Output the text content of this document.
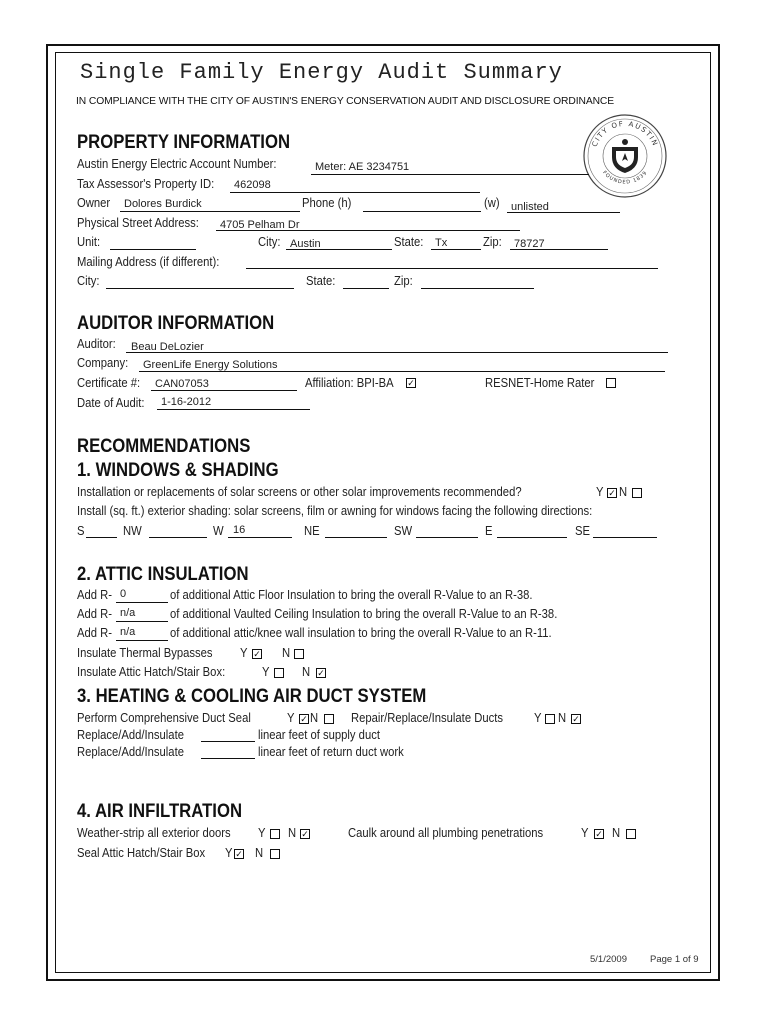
Single Family Energy Audit Summary
IN COMPLIANCE WITH THE CITY OF AUSTIN'S ENERGY CONSERVATION AUDIT AND DISCLOSURE ORDINANCE
CITY OF AUSTIN
FOUNDED 1839
PROPERTY INFORMATION
Austin Energy Electric Account Number:	Meter: AE 3234751
Tax Assessor's Property ID: 462098
Owner Dolores Burdick	Phone (h)	(w) unlisted
Physical Street Address: 4705 Pelham Dr
Unit:	City: Austin	State: Tx	Zip: 78727
Mailing Address (if different):
City:	State:	Zip:
AUDITOR INFORMATION
Auditor: Beau DeLozier
Company: GreenLife Energy Solutions
Certificate #: CAN07053	Affiliation: BPI-BA ✓	RESNET-Home Rater
Date of Audit: 1-16-2012
RECOMMENDATIONS
1. WINDOWS & SHADING
Installation or replacements of solar screens or other solar improvements recommended?	Y ✓ N
Install (sq. ft.) exterior shading: solar screens, film or awning for windows facing the following directions:
S	NW	W 16	NE	SW	E	SE
2. ATTIC INSULATION
Add R- 0	of additional Attic Floor Insulation to bring the overall R-Value to an R-38.
Add R- n/a	of additional Vaulted Ceiling Insulation to bring the overall R-Value to an R-38.
Add R- n/a	of additional attic/knee wall insulation to bring the overall R-Value to an R-11.
Insulate Thermal Bypasses Y ✓ N
Insulate Attic Hatch/Stair Box:	Y	N ✓
3. HEATING & COOLING AIR DUCT SYSTEM
Perform Comprehensive Duct Seal	Y ✓ N	Repair/Replace/Insulate Ducts Y N ✓
Replace/Add/Insulate	linear feet of supply duct
Replace/Add/Insulate	linear feet of return duct work
4. AIR INFILTRATION
Weather-strip all exterior doors Y N ✓	Caulk around all plumbing penetrations	Y ✓ N
Seal Attic Hatch/Stair Box Y ✓ N
5/1/2009 Page 1 of 9
